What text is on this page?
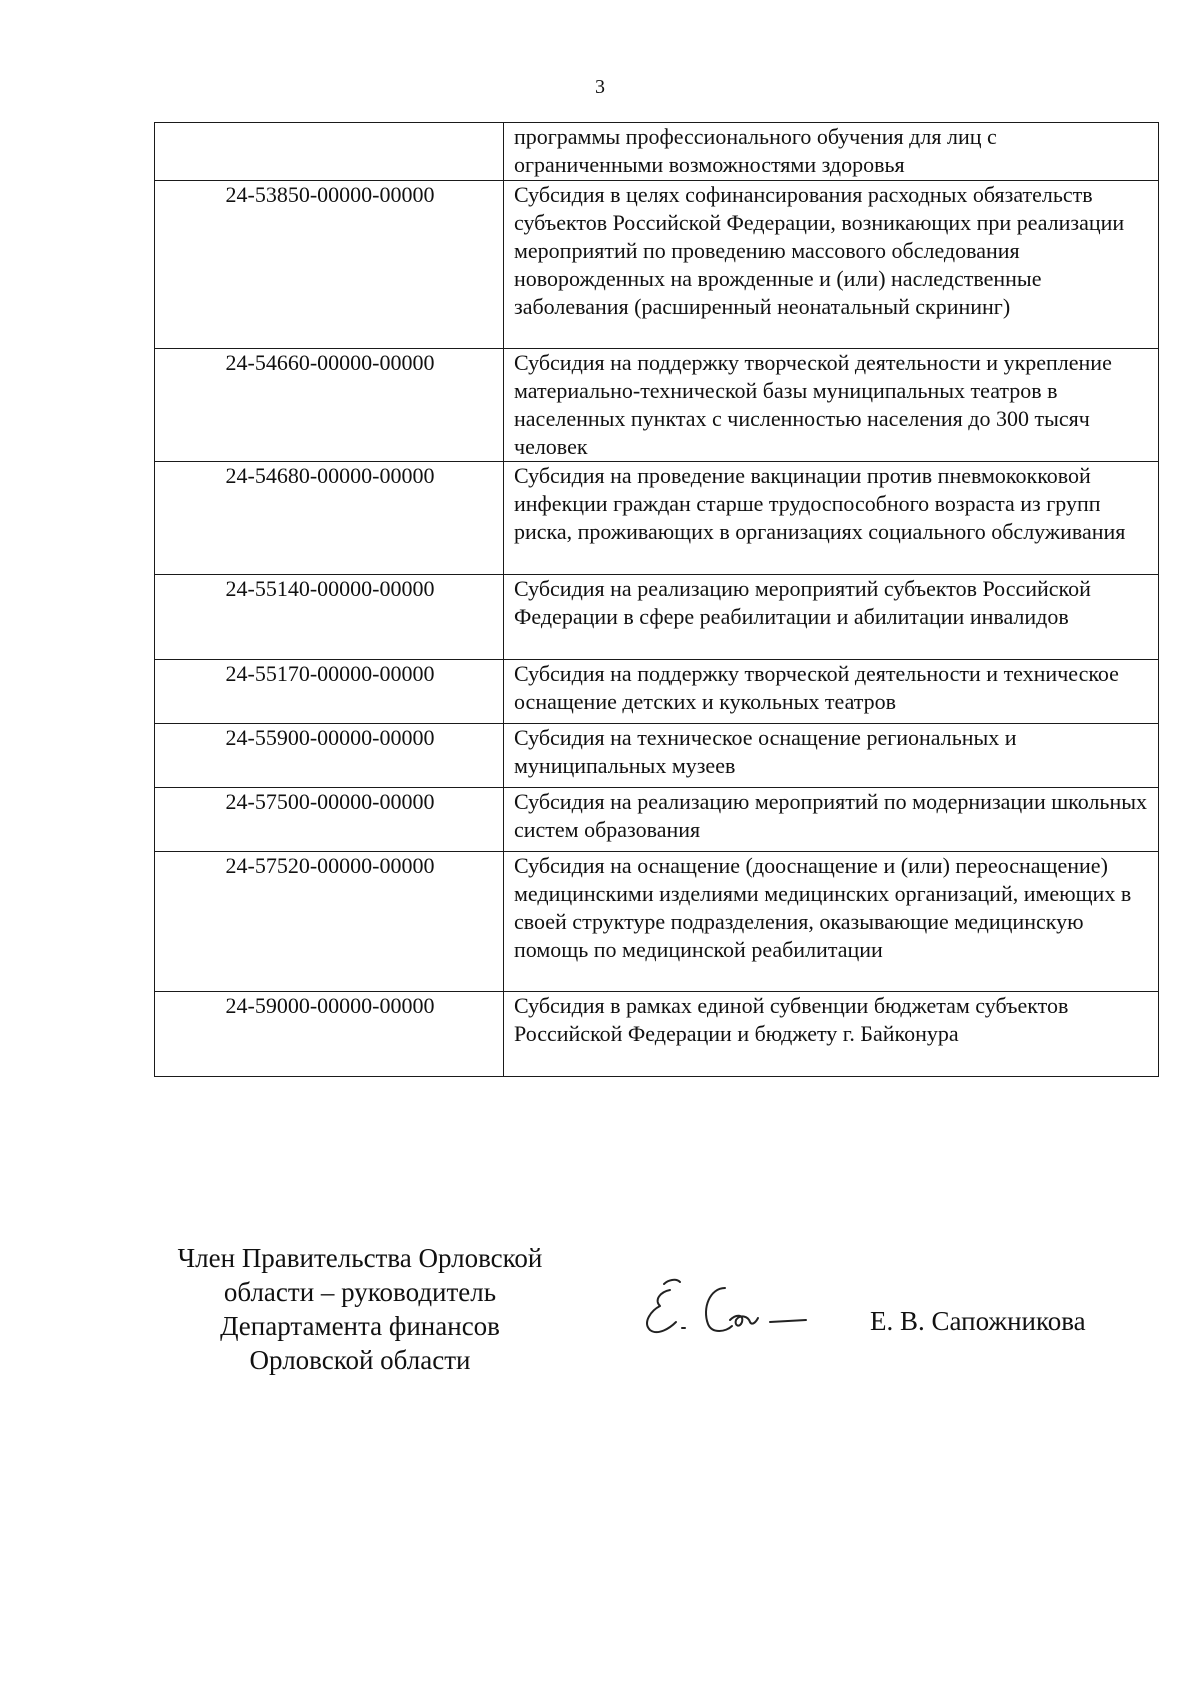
3
	программы профессионального обучения для лиц с ограниченными возможностями здоровья
24-53850-00000-00000	Субсидия в целях софинансирования расходных обязательств субъектов Российской Федерации, возникающих при реализации мероприятий по проведению массового обследования новорожденных на врожденные и (или) наследственные заболевания (расширенный неонатальный скрининг)
24-54660-00000-00000	Субсидия на поддержку творческой деятельности и укрепление материально-технической базы муниципальных театров в населенных пунктах с численностью населения до 300 тысяч человек
24-54680-00000-00000	Субсидия на проведение вакцинации против пневмококковой инфекции граждан старше трудоспособного возраста из групп риска, проживающих в организациях социального обслуживания
24-55140-00000-00000	Субсидия на реализацию мероприятий субъектов Российской Федерации в сфере реабилитации и абилитации инвалидов
24-55170-00000-00000	Субсидия на поддержку творческой деятельности и техническое оснащение детских и кукольных театров
24-55900-00000-00000	Субсидия на техническое оснащение региональных и муниципальных музеев
24-57500-00000-00000	Субсидия на реализацию мероприятий по модернизации школьных систем образования
24-57520-00000-00000	Субсидия на оснащение (дооснащение и (или) переоснащение) медицинскими изделиями медицинских организаций, имеющих в своей структуре подразделения, оказывающие медицинскую помощь по медицинской реабилитации
24-59000-00000-00000	Субсидия в рамках единой субвенции бюджетам субъектов Российской Федерации и бюджету г. Байконура
Член Правительства Орловской
области – руководитель
Департамента финансов
Орловской области
Е. В. Сапожникова
